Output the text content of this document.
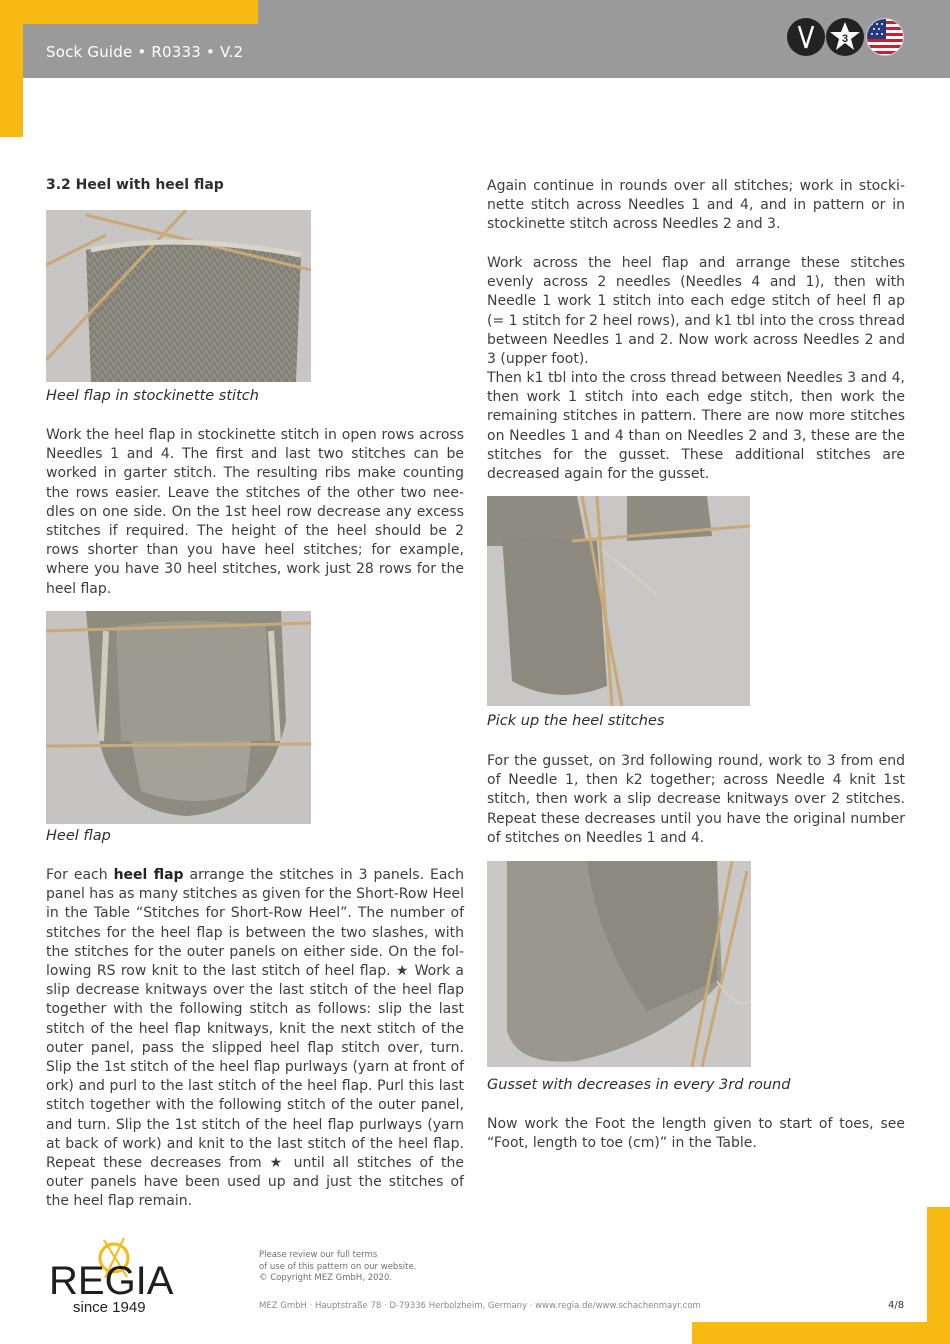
Sock Guide • R0333 • V.2
3
3.2 Heel with heel flap
Heel flap in stockinette stitch
Work the heel flap in stockinette stitch in open rows across Needles 1 and 4. The first and last two stitches can be worked in garter stitch. The resulting ribs make counting the rows easier. Leave the stitches of the other two nee-dles on one side. On the 1st heel row decrease any excess stitches if required. The height of the heel should be 2 rows shorter than you have heel stitches; for example, where you have 30 heel stitches, work just 28 rows for the heel flap.
Heel flap
For each heel flap arrange the stitches in 3 panels. Each panel has as many stitches as given for the Short-Row Heel in the Table “Stitches for Short-Row Heel”. The number of stitches for the heel flap is between the two slashes, with the stitches for the outer panels on either side. On the fol-lowing RS row knit to the last stitch of heel flap. ★ Work a slip decrease knitways over the last stitch of the heel flap together with the following stitch as follows: slip the last stitch of the heel flap knitways, knit the next stitch of the outer panel, pass the slipped heel flap stitch over, turn. Slip the 1st stitch of the heel flap purlways (yarn at front of ork) and purl to the last stitch of the heel flap. Purl this last stitch together with the following stitch of the outer panel, and turn. Slip the 1st stitch of the heel flap purlways (yarn at back of work) and knit to the last stitch of the heel flap. Repeat these decreases from ★ until all stitches of the outer panels have been used up and just the stitches of the heel flap remain.
Again continue in rounds over all stitches; work in stocki-nette stitch across Needles 1 and 4, and in pattern or in stockinette stitch across Needles 2 and 3.
Work across the heel flap and arrange these stitches evenly across 2 needles (Needles 4 and 1), then with Needle 1 work 1 stitch into each edge stitch of heel fl ap (= 1 stitch for 2 heel rows), and k1 tbl into the cross thread between Needles 1 and 2. Now work across Needles 2 and 3 (upper foot).
Then k1 tbl into the cross thread between Needles 3 and 4, then work 1 stitch into each edge stitch, then work the remaining stitches in pattern. There are now more stitches on Needles 1 and 4 than on Needles 2 and 3, these are the stitches for the gusset. These additional stitches are decreased again for the gusset.
Pick up the heel stitches
For the gusset, on 3rd following round, work to 3 from end of Needle 1, then k2 together; across Needle 4 knit 1st stitch, then work a slip decrease knitways over 2 stitches. Repeat these decreases until you have the original number of stitches on Needles 1 and 4.
Gusset with decreases in every 3rd round
Now work the Foot the length given to start of toes, see “Foot, length to toe (cm)” in the Table.
REGIA
since 1949
Please review our full terms
of use of this pattern on our website.
© Copyright MEZ GmbH, 2020.
MEZ GmbH · Hauptstraße 78 · D-79336 Herbolzheim, Germany · www.regia.de/www.schachenmayr.com	4/8
